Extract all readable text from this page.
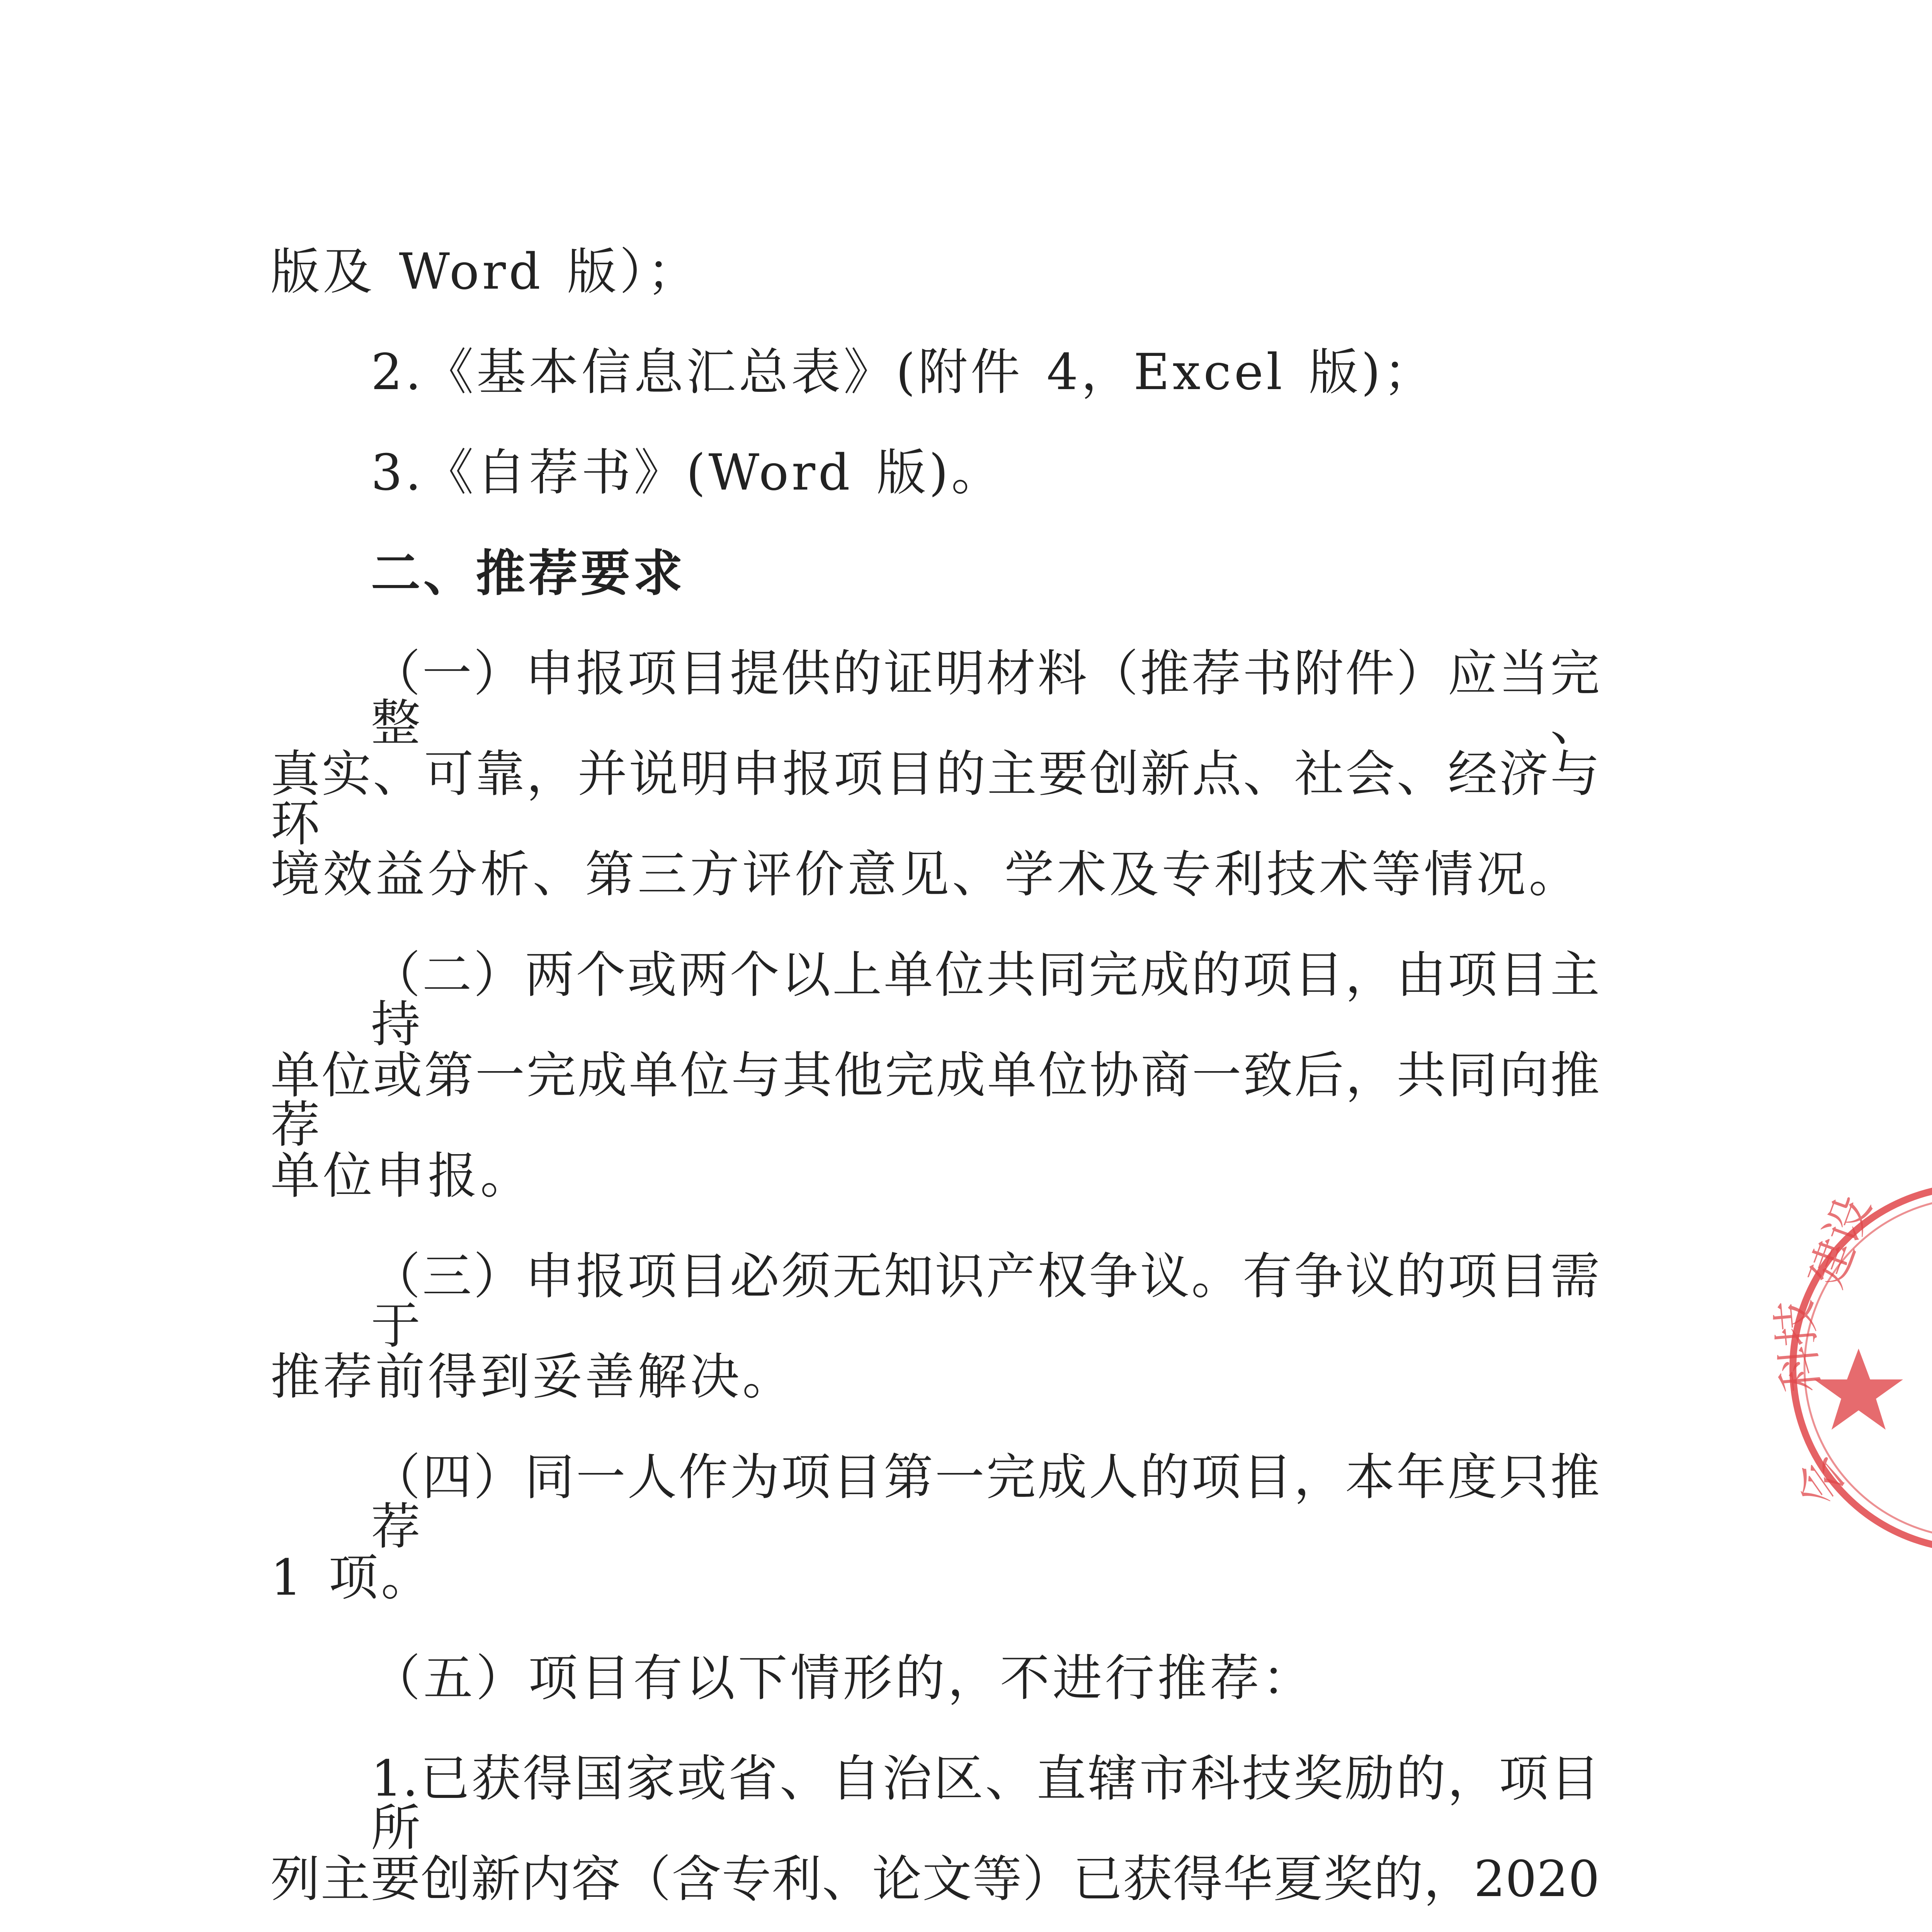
版及 Word 版）；
2.《基本信息汇总表》(附件 4，Excel 版)；
3.《自荐书》(Word 版)。
二、推荐要求
（一）申报项目提供的证明材料（推荐书附件）应当完整、
真实、可靠，并说明申报项目的主要创新点、社会、经济与环
境效益分析、第三方评价意见、学术及专利技术等情况。
（二）两个或两个以上单位共同完成的项目，由项目主持
单位或第一完成单位与其他完成单位协商一致后，共同向推荐
单位申报。
（三）申报项目必须无知识产权争议。有争议的项目需于
推荐前得到妥善解决。
（四）同一人作为项目第一完成人的项目，本年度只推荐
1 项。
（五）项目有以下情形的，不进行推荐：
1.已获得国家或省、自治区、直辖市科技奖励的，项目所
列主要创新内容（含专利、论文等）已获得华夏奖的，2020
建设
科技
会
